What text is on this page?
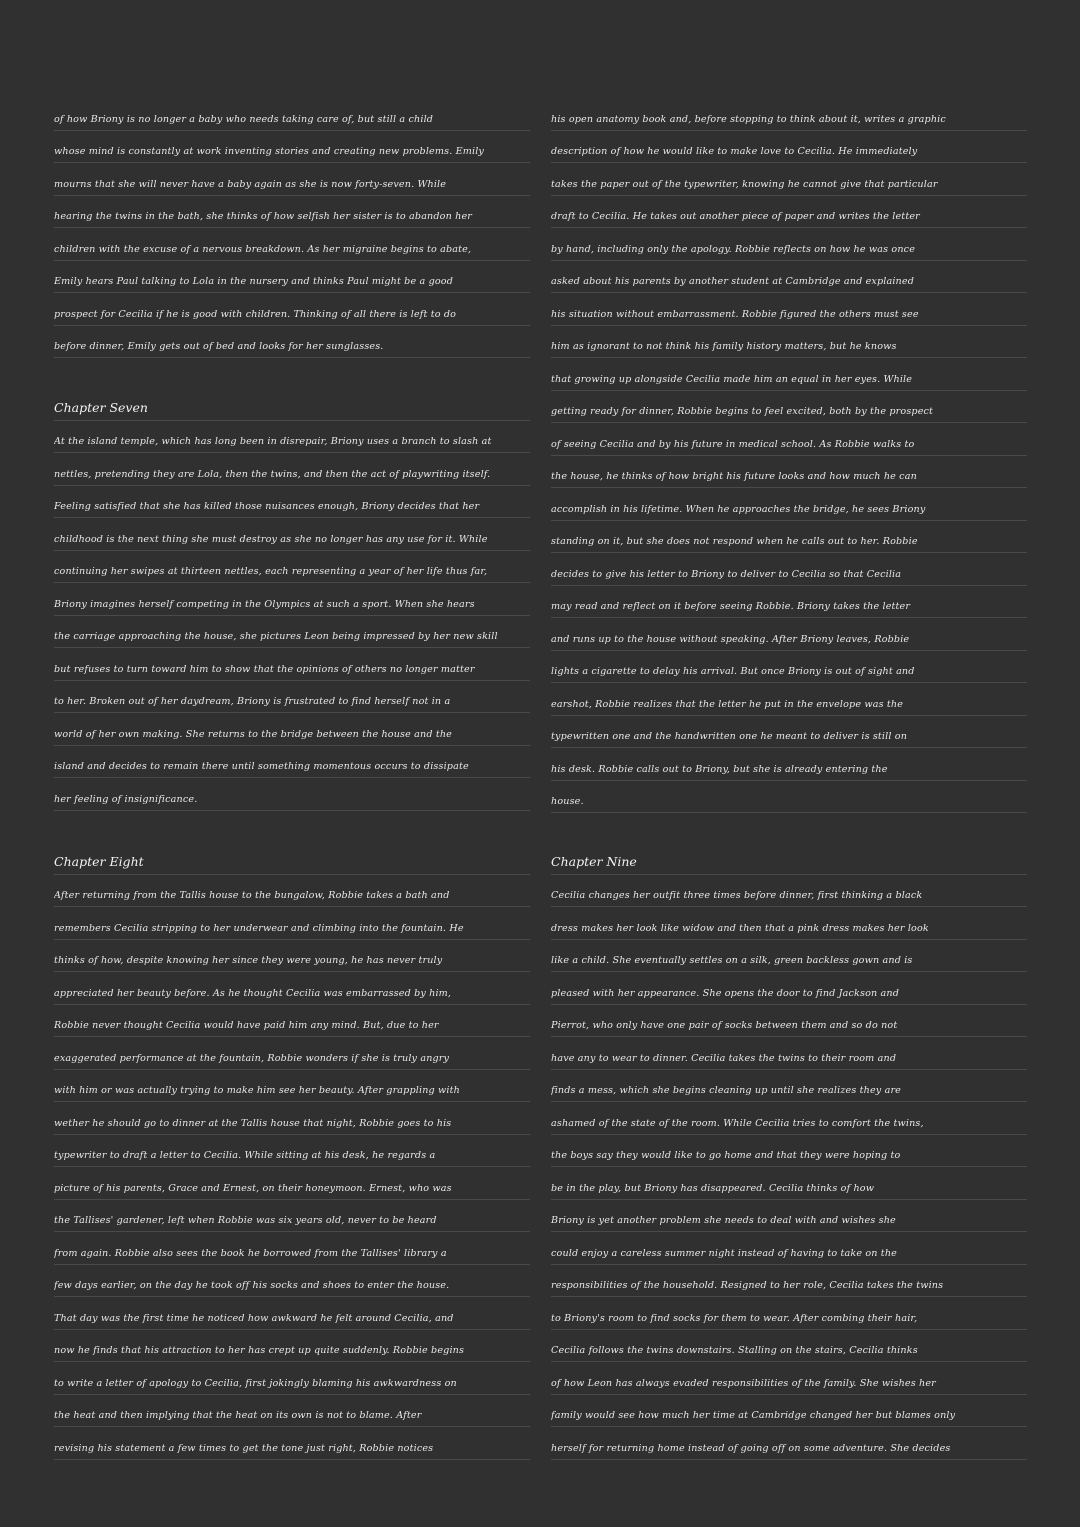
of how Briony is no longer a baby who needs taking care of, but still a child
whose mind is constantly at work inventing stories and creating new problems. Emily
mourns that she will never have a baby again as she is now forty-seven. While
hearing the twins in the bath, she thinks of how selfish her sister is to abandon her
children with the excuse of a nervous breakdown. As her migraine begins to abate,
Emily hears Paul talking to Lola in the nursery and thinks Paul might be a good
prospect for Cecilia if he is good with children. Thinking of all there is left to do
before dinner, Emily gets out of bed and looks for her sunglasses.
Chapter Seven
At the island temple, which has long been in disrepair, Briony uses a branch to slash at
nettles, pretending they are Lola, then the twins, and then the act of playwriting itself.
Feeling satisfied that she has killed those nuisances enough, Briony decides that her
childhood is the next thing she must destroy as she no longer has any use for it. While
continuing her swipes at thirteen nettles, each representing a year of her life thus far,
Briony imagines herself competing in the Olympics at such a sport. When she hears
the carriage approaching the house, she pictures Leon being impressed by her new skill
but refuses to turn toward him to show that the opinions of others no longer matter
to her. Broken out of her daydream, Briony is frustrated to find herself not in a
world of her own making. She returns to the bridge between the house and the
island and decides to remain there until something momentous occurs to dissipate
her feeling of insignificance.
Chapter Eight
After returning from the Tallis house to the bungalow, Robbie takes a bath and
remembers Cecilia stripping to her underwear and climbing into the fountain. He
thinks of how, despite knowing her since they were young, he has never truly
appreciated her beauty before. As he thought Cecilia was embarrassed by him,
Robbie never thought Cecilia would have paid him any mind. But, due to her
exaggerated performance at the fountain, Robbie wonders if she is truly angry
with him or was actually trying to make him see her beauty. After grappling with
wether he should go to dinner at the Tallis house that night, Robbie goes to his
typewriter to draft a letter to Cecilia. While sitting at his desk, he regards a
picture of his parents, Grace and Ernest, on their honeymoon. Ernest, who was
the Tallises' gardener, left when Robbie was six years old, never to be heard
from again. Robbie also sees the book he borrowed from the Tallises' library a
few days earlier, on the day he took off his socks and shoes to enter the house.
That day was the first time he noticed how awkward he felt around Cecilia, and
now he finds that his attraction to her has crept up quite suddenly. Robbie begins
to write a letter of apology to Cecilia, first jokingly blaming his awkwardness on
the heat and then implying that the heat on its own is not to blame. After
revising his statement a few times to get the tone just right, Robbie notices
his open anatomy book and, before stopping to think about it, writes a graphic
description of how he would like to make love to Cecilia. He immediately
takes the paper out of the typewriter, knowing he cannot give that particular
draft to Cecilia. He takes out another piece of paper and writes the letter
by hand, including only the apology. Robbie reflects on how he was once
asked about his parents by another student at Cambridge and explained
his situation without embarrassment. Robbie figured the others must see
him as ignorant to not think his family history matters, but he knows
that growing up alongside Cecilia made him an equal in her eyes. While
getting ready for dinner, Robbie begins to feel excited, both by the prospect
of seeing Cecilia and by his future in medical school. As Robbie walks to
the house, he thinks of how bright his future looks and how much he can
accomplish in his lifetime. When he approaches the bridge, he sees Briony
standing on it, but she does not respond when he calls out to her. Robbie
decides to give his letter to Briony to deliver to Cecilia so that Cecilia
may read and reflect on it before seeing Robbie. Briony takes the letter
and runs up to the house without speaking. After Briony leaves, Robbie
lights a cigarette to delay his arrival. But once Briony is out of sight and
earshot, Robbie realizes that the letter he put in the envelope was the
typewritten one and the handwritten one he meant to deliver is still on
his desk. Robbie calls out to Briony, but she is already entering the
house.
Chapter Nine
Cecilia changes her outfit three times before dinner, first thinking a black
dress makes her look like widow and then that a pink dress makes her look
like a child. She eventually settles on a silk, green backless gown and is
pleased with her appearance. She opens the door to find Jackson and
Pierrot, who only have one pair of socks between them and so do not
have any to wear to dinner. Cecilia takes the twins to their room and
finds a mess, which she begins cleaning up until she realizes they are
ashamed of the state of the room. While Cecilia tries to comfort the twins,
the boys say they would like to go home and that they were hoping to
be in the play, but Briony has disappeared. Cecilia thinks of how
Briony is yet another problem she needs to deal with and wishes she
could enjoy a careless summer night instead of having to take on the
responsibilities of the household. Resigned to her role, Cecilia takes the twins
to Briony's room to find socks for them to wear. After combing their hair,
Cecilia follows the twins downstairs. Stalling on the stairs, Cecilia thinks
of how Leon has always evaded responsibilities of the family. She wishes her
family would see how much her time at Cambridge changed her but blames only
herself for returning home instead of going off on some adventure. She decides
